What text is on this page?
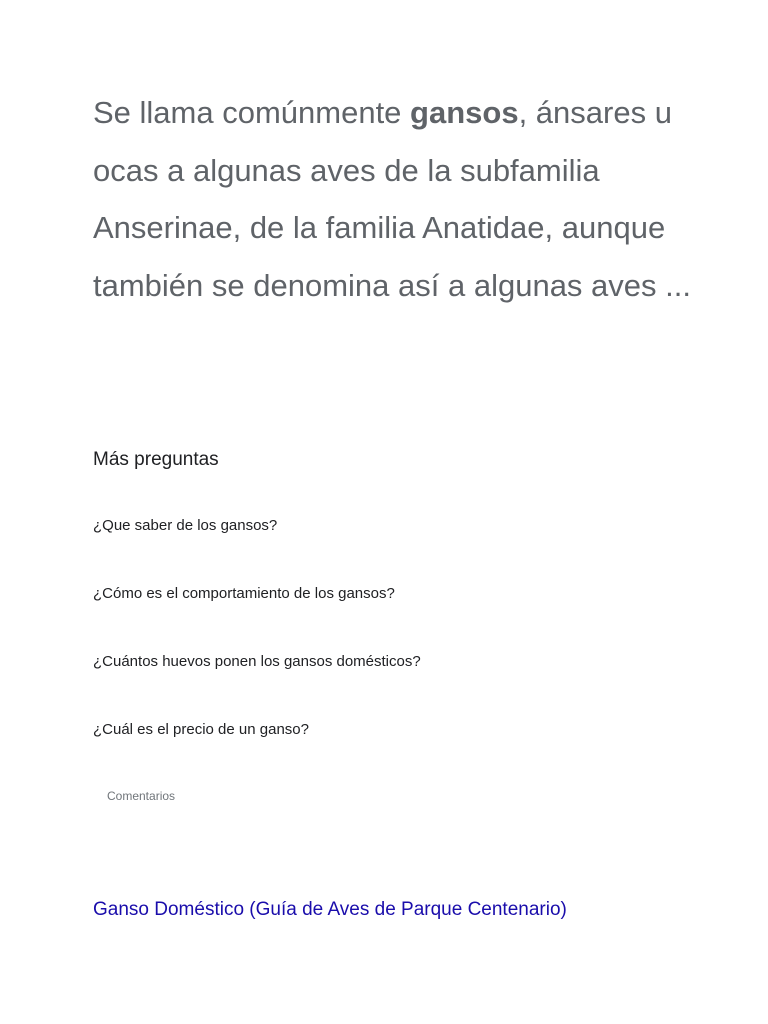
Se llama comúnmente gansos, ánsares u ocas a algunas aves de la subfamilia Anserinae, de la familia Anatidae, aunque también se denomina así a algunas aves ...

Más preguntas
¿Que saber de los gansos?
¿Cómo es el comportamiento de los gansos?
¿Cuántos huevos ponen los gansos domésticos?
¿Cuál es el precio de un ganso?
Comentarios
Ganso Doméstico (Guía de Aves de Parque Centenario)
